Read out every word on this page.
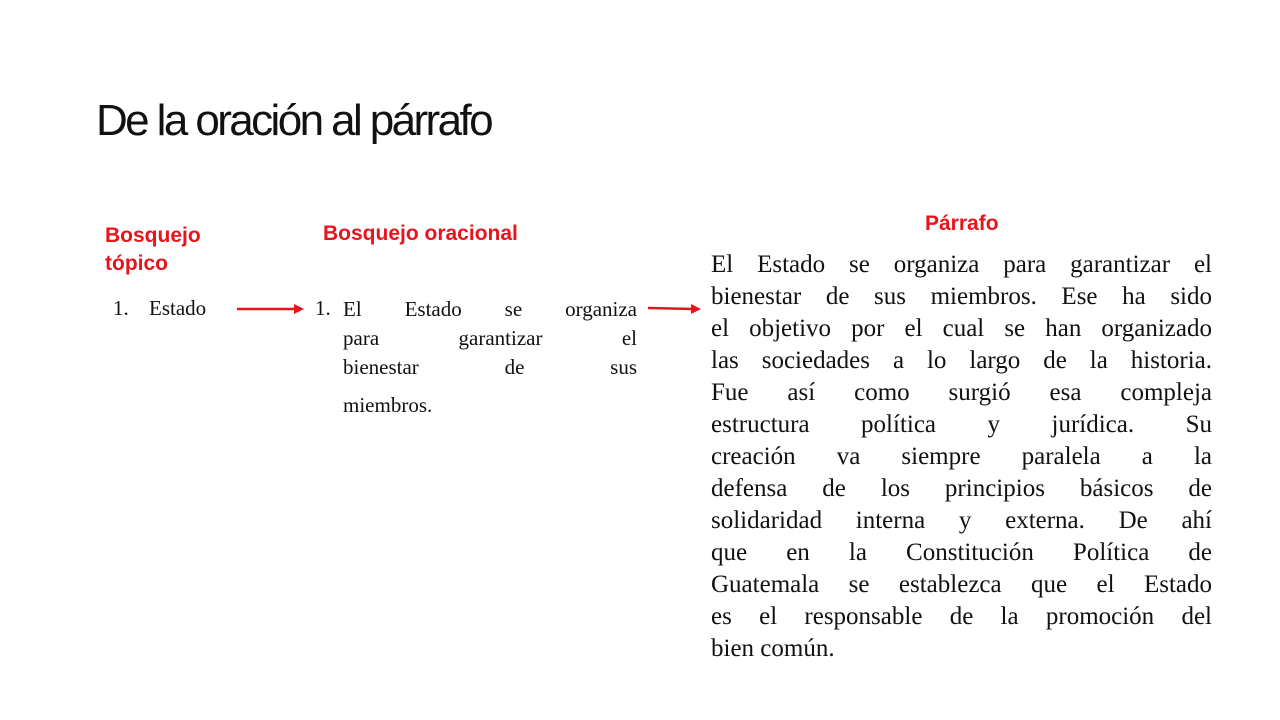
De la oración al párrafo
Bosquejo
tópico
Bosquejo oracional	Párrafo
1. Estado	1. El Estado se organiza
para garantizar el
bienestar de sus
miembros.
El Estado se organiza para garantizar el
bienestar de sus miembros. Ese ha sido
el objetivo por el cual se han organizado
las sociedades a lo largo de la historia.
Fue así como surgió esa compleja
estructura política y jurídica. Su
creación va siempre paralela a la
defensa de los principios básicos de
solidaridad interna y externa. De ahí
que en la Constitución Política de
Guatemala se establezca que el Estado
es el responsable de la promoción del
bien común.
